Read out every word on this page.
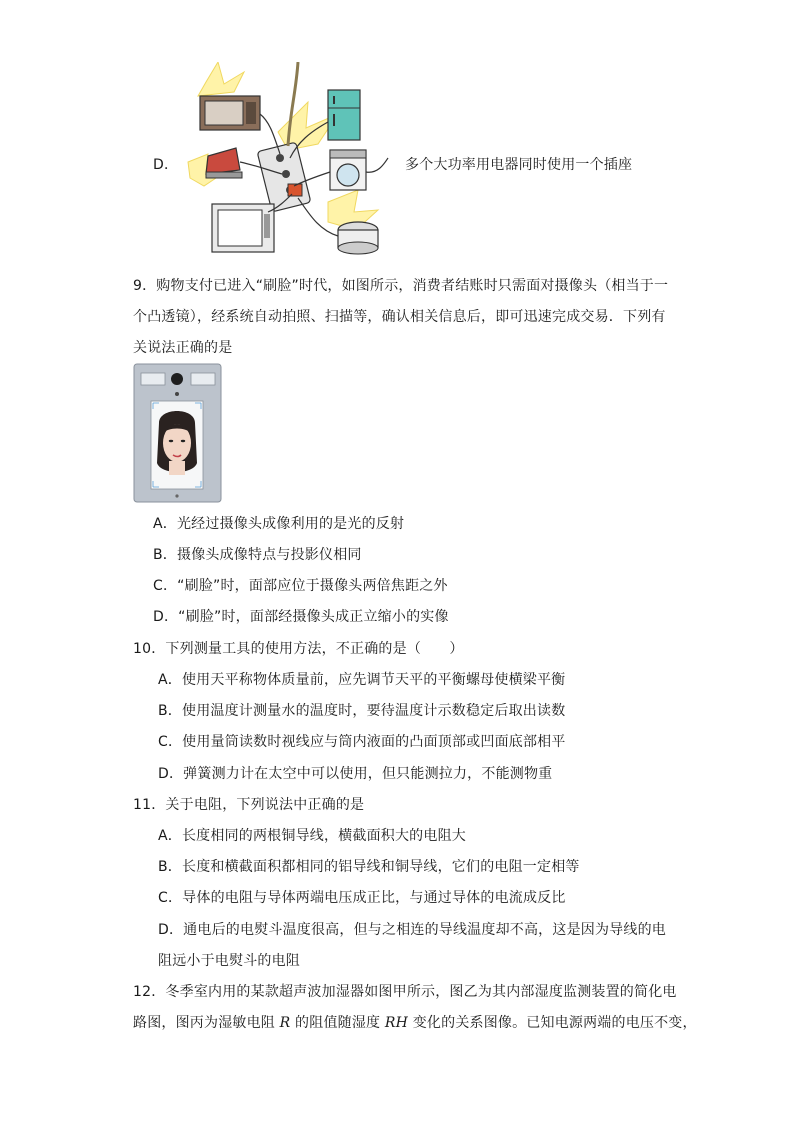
D．	多个大功率用电器同时使用一个插座
9．购物支付已进入“刷脸”时代，如图所示，消费者结账时只需面对摄像头（相当于一
个凸透镜），经系统自动拍照、扫描等，确认相关信息后，即可迅速完成交易．下列有
关说法正确的是
A．光经过摄像头成像利用的是光的反射
B．摄像头成像特点与投影仪相同
C．“刷脸”时，面部应位于摄像头两倍焦距之外
D．“刷脸”时，面部经摄像头成正立缩小的实像
10．下列测量工具的使用方法，不正确的是（　　）
A．使用天平称物体质量前，应先调节天平的平衡螺母使横梁平衡
B．使用温度计测量水的温度时，要待温度计示数稳定后取出读数
C．使用量筒读数时视线应与筒内液面的凸面顶部或凹面底部相平
D．弹簧测力计在太空中可以使用，但只能测拉力，不能测物重
11．关于电阻，下列说法中正确的是
A．长度相同的两根铜导线，横截面积大的电阻大
B．长度和横截面积都相同的铝导线和铜导线，它们的电阻一定相等
C．导体的电阻与导体两端电压成正比，与通过导体的电流成反比
D．通电后的电熨斗温度很高，但与之相连的导线温度却不高，这是因为导线的电
阻远小于电熨斗的电阻
12．冬季室内用的某款超声波加湿器如图甲所示，图乙为其内部湿度监测装置的简化电
路图，图丙为湿敏电阻 R 的阻值随湿度 RH 变化的关系图像。已知电源两端的电压不变，
